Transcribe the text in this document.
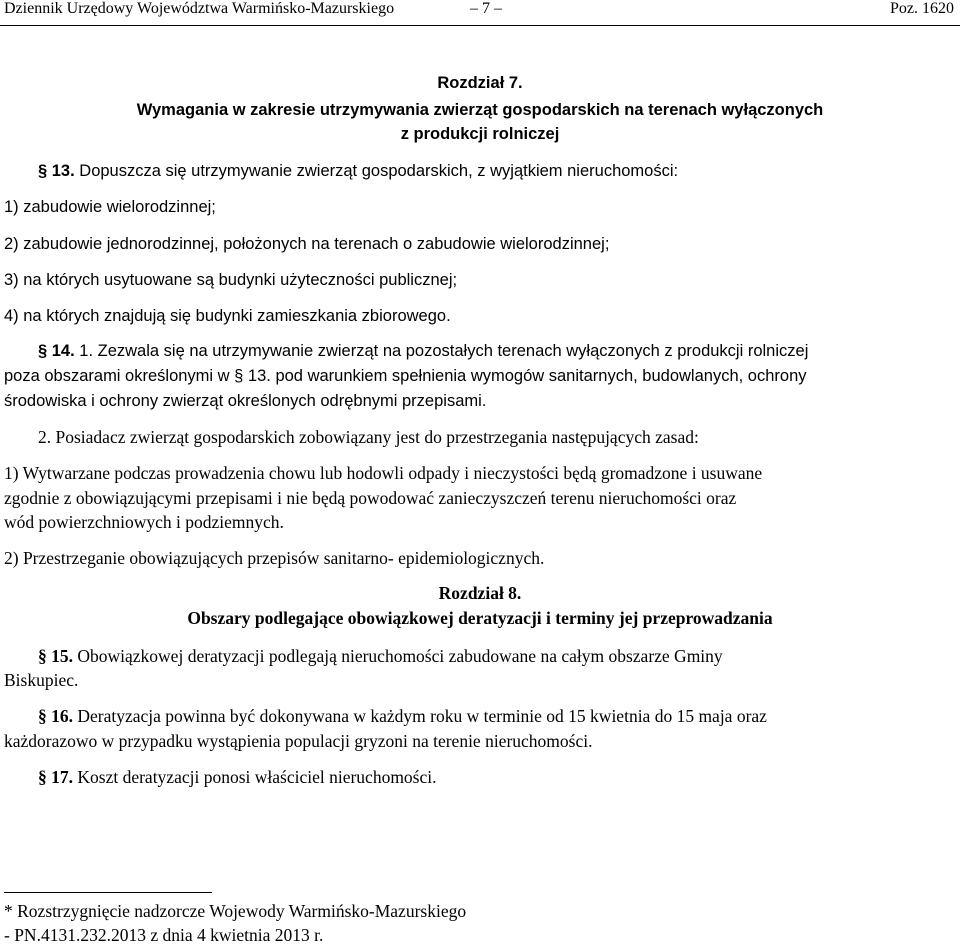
Dziennik Urzędowy Województwa Warmińsko-Mazurskiego	– 7 –	Poz. 1620
Rozdział 7.
Wymagania w zakresie utrzymywania zwierząt gospodarskich na terenach wyłączonych
z produkcji rolniczej
§ 13. Dopuszcza się utrzymywanie zwierząt gospodarskich, z wyjątkiem nieruchomości:
1) zabudowie wielorodzinnej;
2) zabudowie jednorodzinnej, położonych na terenach o zabudowie wielorodzinnej;
3) na których usytuowane są budynki użyteczności publicznej;
4) na których znajdują się budynki zamieszkania zbiorowego.
§ 14. 1. Zezwala się na utrzymywanie zwierząt na pozostałych terenach wyłączonych z produkcji rolniczej
poza obszarami określonymi w § 13. pod warunkiem spełnienia wymogów sanitarnych, budowlanych, ochrony
środowiska i ochrony zwierząt określonych odrębnymi przepisami.
2. Posiadacz zwierząt gospodarskich zobowiązany jest do przestrzegania następujących zasad:
1) Wytwarzane podczas prowadzenia chowu lub hodowli odpady i nieczystości będą gromadzone i usuwane
zgodnie z obowiązującymi przepisami i nie będą powodować zanieczyszczeń terenu nieruchomości oraz
wód powierzchniowych i podziemnych.
2) Przestrzeganie obowiązujących przepisów sanitarno- epidemiologicznych.
Rozdział 8.
Obszary podlegające obowiązkowej deratyzacji i terminy jej przeprowadzania
§ 15. Obowiązkowej deratyzacji podlegają nieruchomości zabudowane na całym obszarze Gminy
Biskupiec.
§ 16. Deratyzacja powinna być dokonywana w każdym roku w terminie od 15 kwietnia do 15 maja oraz
każdorazowo w przypadku wystąpienia populacji gryzoni na terenie nieruchomości.
§ 17. Koszt deratyzacji ponosi właściciel nieruchomości.
* Rozstrzygnięcie nadzorcze Wojewody Warmińsko-Mazurskiego
- PN.4131.232.2013 z dnia 4 kwietnia 2013 r.
